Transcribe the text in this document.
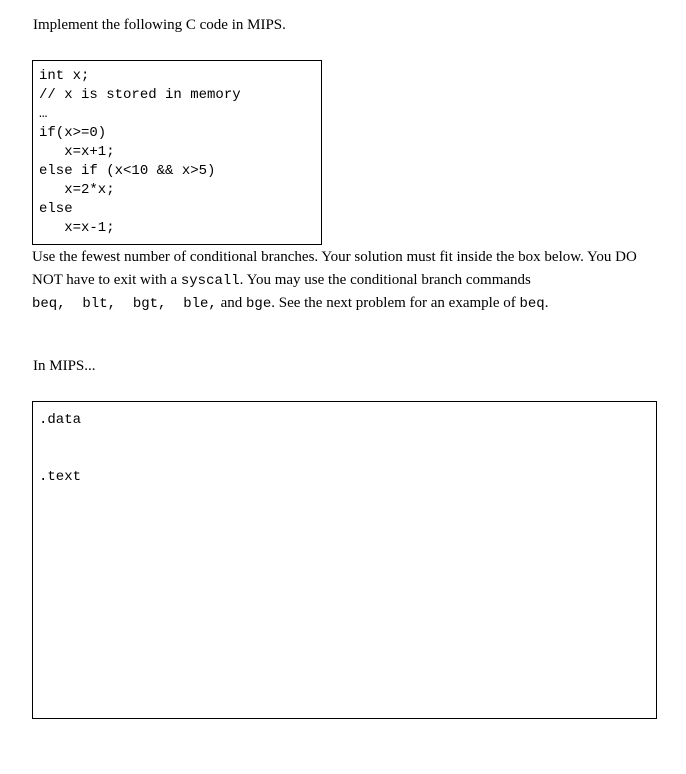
Implement the following C code in MIPS.
int x;
// x is stored in memory
…
if(x>=0)
x=x+1;
else if (x<10 && x>5)
x=2*x;
else
x=x-1;
Use the fewest number of conditional branches. Your solution must fit inside the box below. You DO NOT have to exit with a syscall. You may use the conditional branch commands beq,  blt,  bgt,  ble, and bge. See the next problem for an example of beq.
In MIPS...
.data
.text
